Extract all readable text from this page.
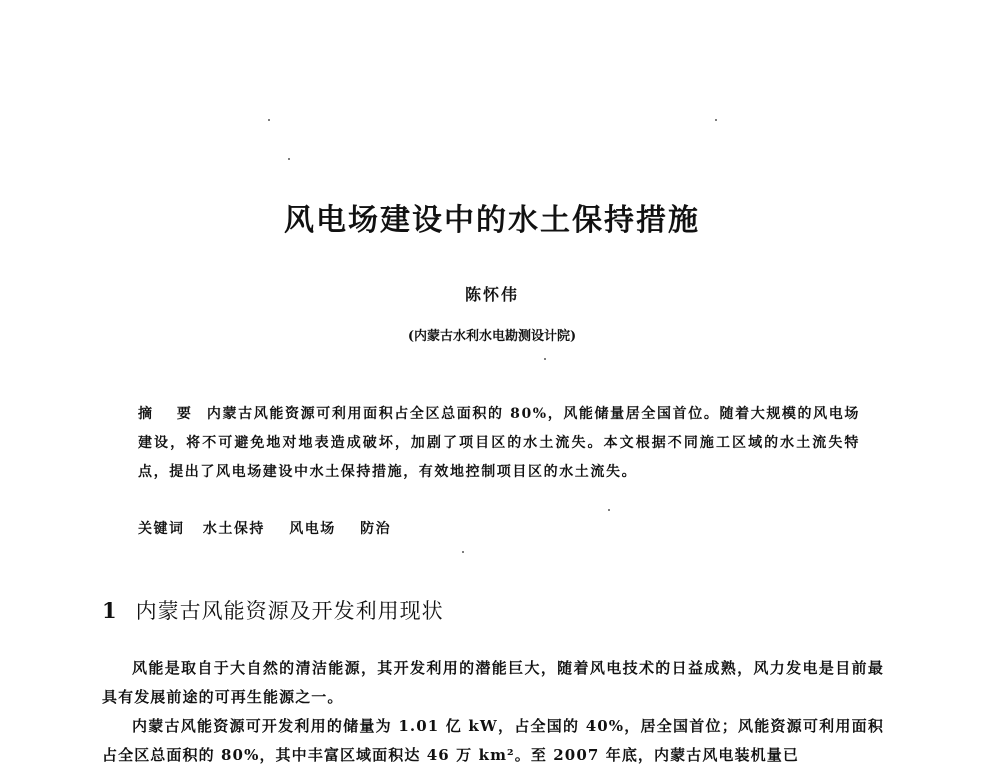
风电场建设中的水土保持措施
陈怀伟
(内蒙古水利水电勘测设计院)

摘 要 内蒙古风能资源可利用面积占全区总面积的 80%，风能储量居全国首位。随着大规模的风电场建设，将不可避免地对地表造成破坏，加剧了项目区的水土流失。本文根据不同施工区域的水土流失特点，提出了风电场建设中水土保持措施，有效地控制项目区的水土流失。

关键词 水土保持 风电场 防治
1 内蒙古风能资源及开发利用现状

风能是取自于大自然的清洁能源，其开发利用的潜能巨大，随着风电技术的日益成熟，风力发电是目前最具有发展前途的可再生能源之一。

内蒙古风能资源可开发利用的储量为 1.01 亿 kW，占全国的 40%，居全国首位；风能资源可利用面积占全区总面积的 80%，其中丰富区域面积达 46 万 km²。至 2007 年底，内蒙古风电装机量已
